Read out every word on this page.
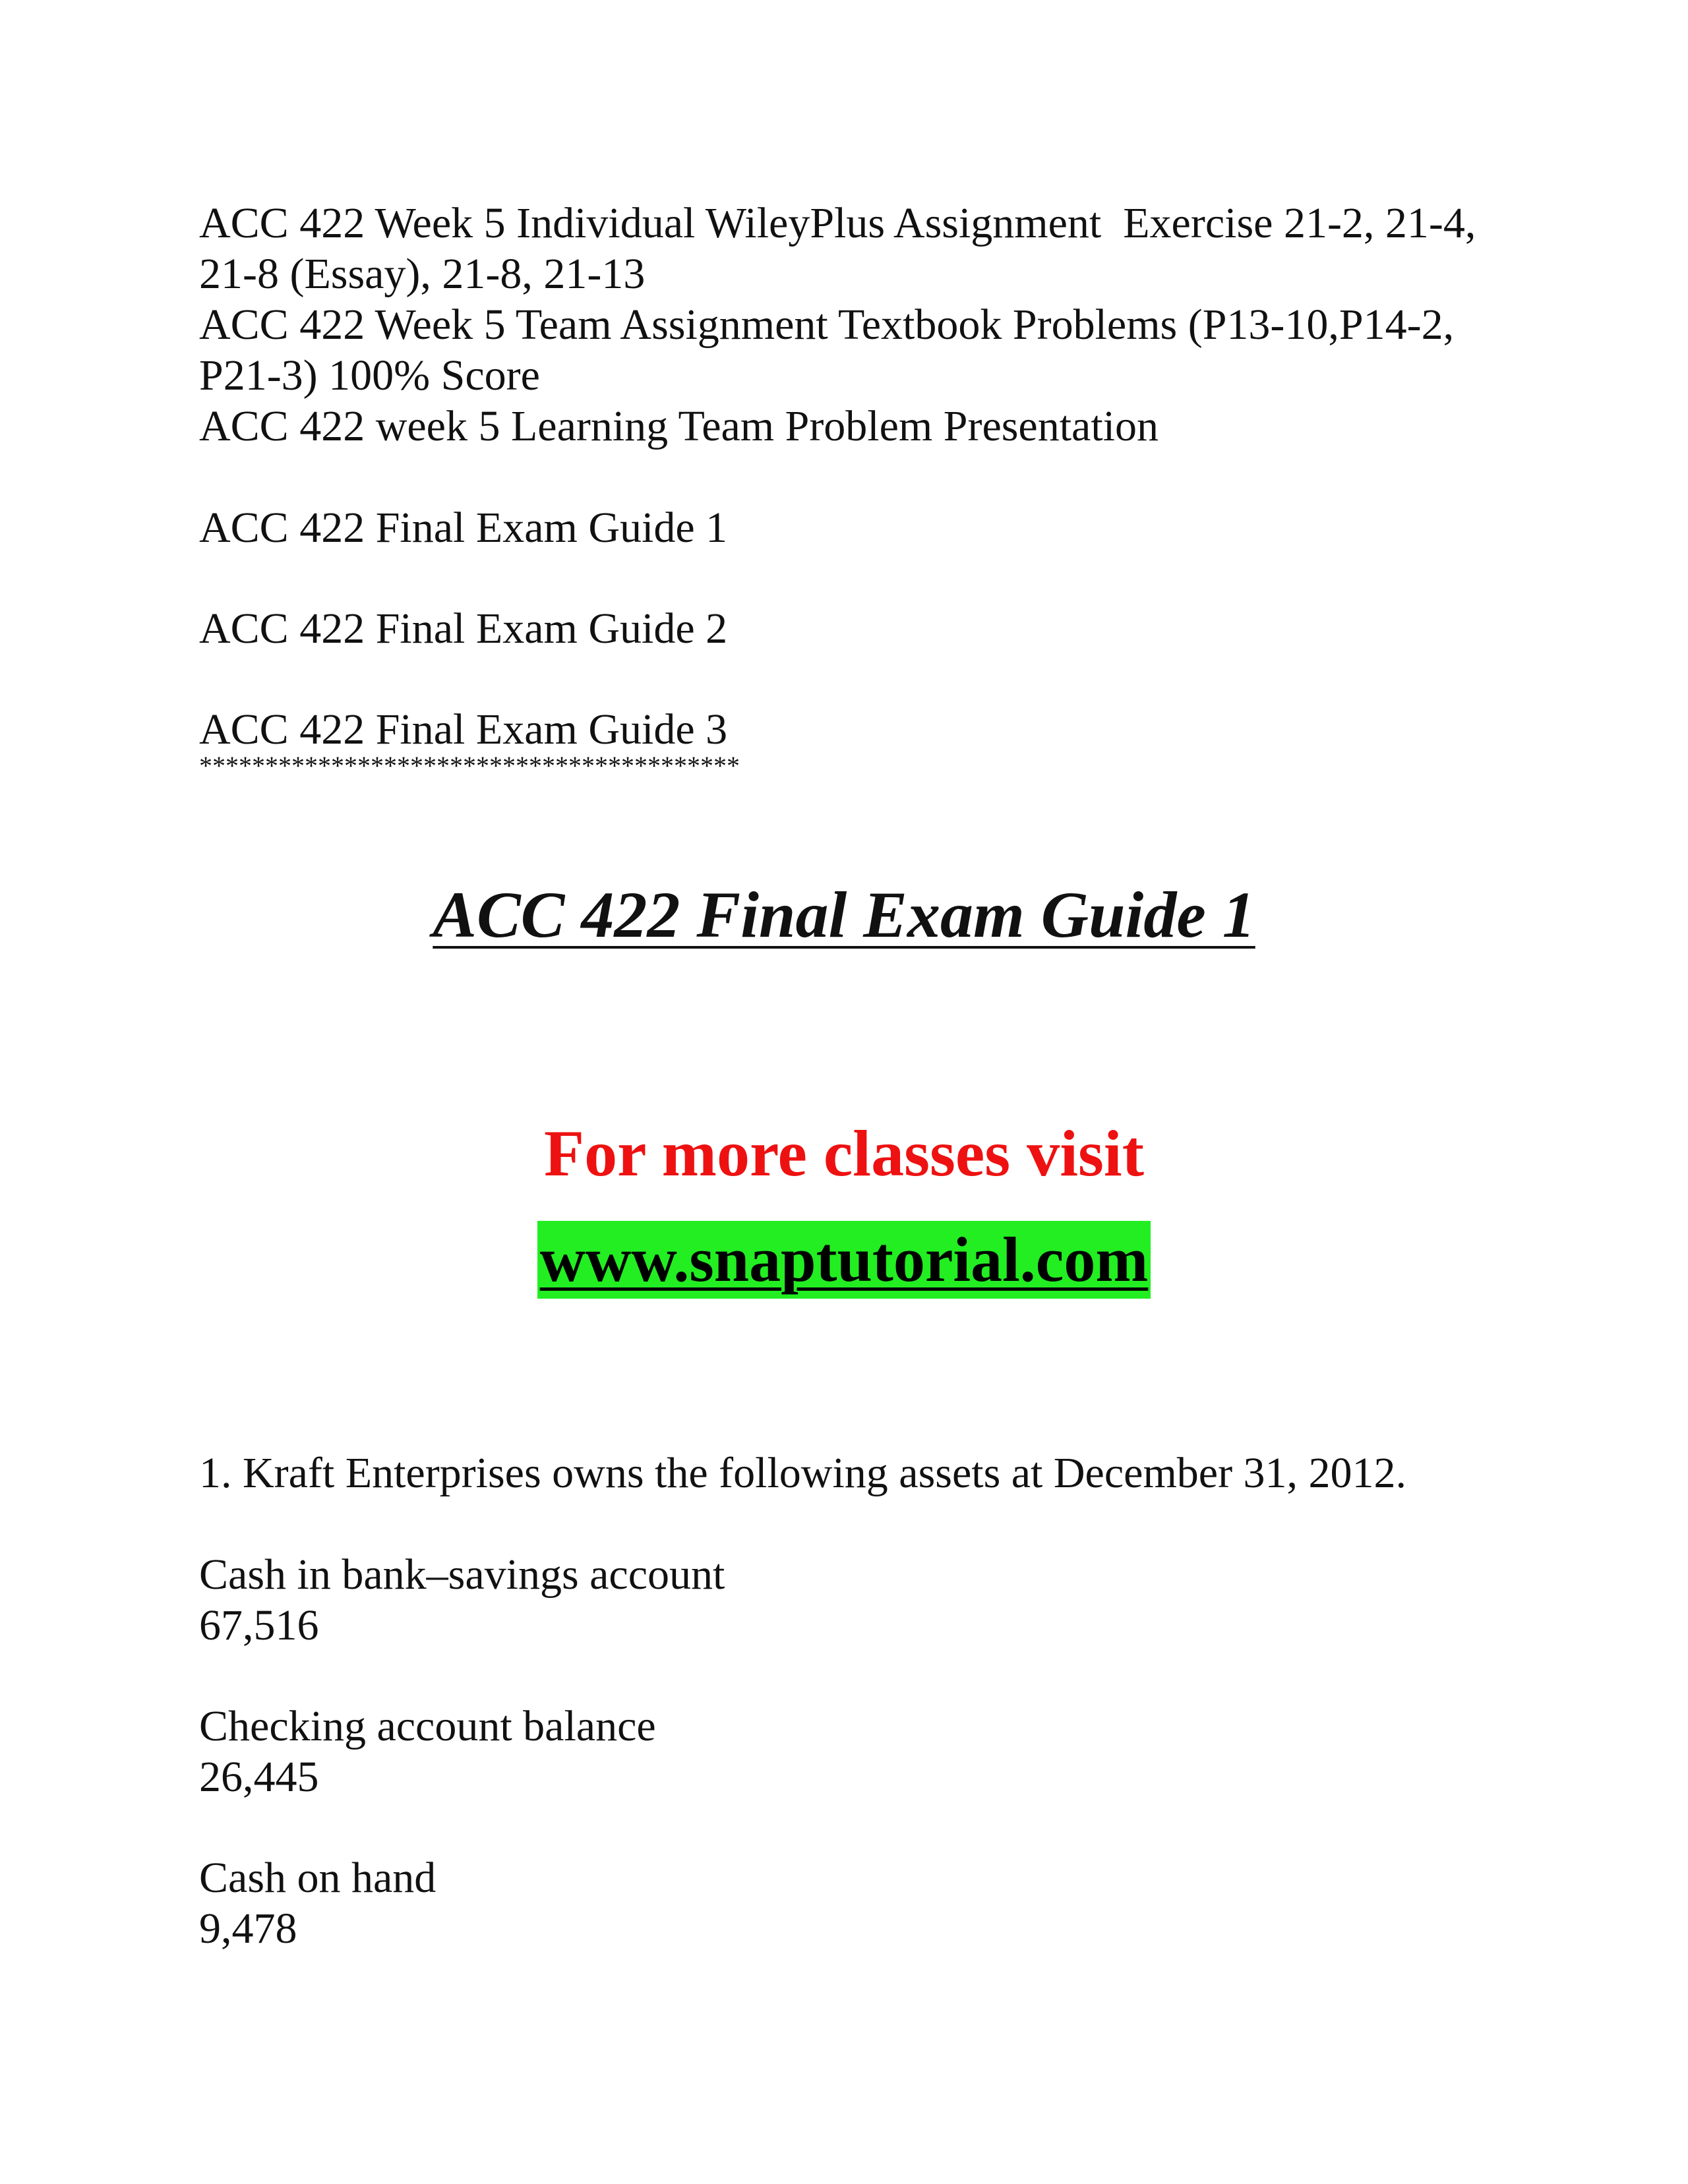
ACC 422 Week 5 Individual WileyPlus Assignment  Exercise 21-2, 21-4, 21-8 (Essay), 21-8, 21-13

ACC 422 Week 5 Team Assignment Textbook Problems (P13-10,P14-2, P21-3) 100% Score

ACC 422 week 5 Learning Team Problem Presentation

ACC 422 Final Exam Guide 1

ACC 422 Final Exam Guide 2

ACC 422 Final Exam Guide 3

*****************************************

ACC 422 Final Exam Guide 1

For more classes visit

www.snaptutorial.com

1. Kraft Enterprises owns the following assets at December 31, 2012.

Cash in bank–savings account

67,516

Checking account balance

26,445

Cash on hand

9,478
